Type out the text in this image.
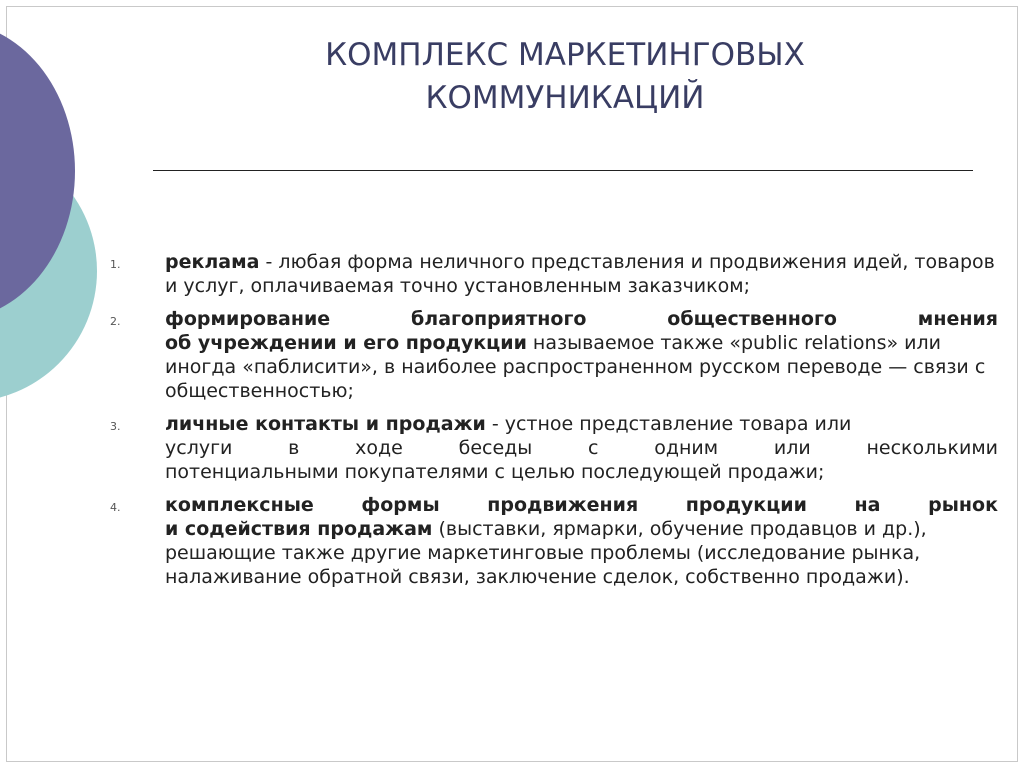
КОМПЛЕКС МАРКЕТИНГОВЫХ
КОММУНИКАЦИЙ
1. реклама - любая форма неличного представления и продвижения идей, товаров и услуг, оплачиваемая точно установленным заказчиком;
2. формирование благоприятного общественного мнения
об учреждении и его продукции называемое также «public relations» или иногда «паблисити», в наиболее распространенном русском переводе — связи с общественностью;
3. личные контакты и продажи - устное представление товара или
услуги в ходе беседы с одним или несколькими
потенциальными покупателями с целью последующей продажи;
4. комплексные формы продвижения продукции на рынок
и содействия продажам (выставки, ярмарки, обучение продавцов и др.), решающие также другие маркетинговые проблемы (исследование рынка, налаживание обратной связи, заключение сделок, собственно продажи).
